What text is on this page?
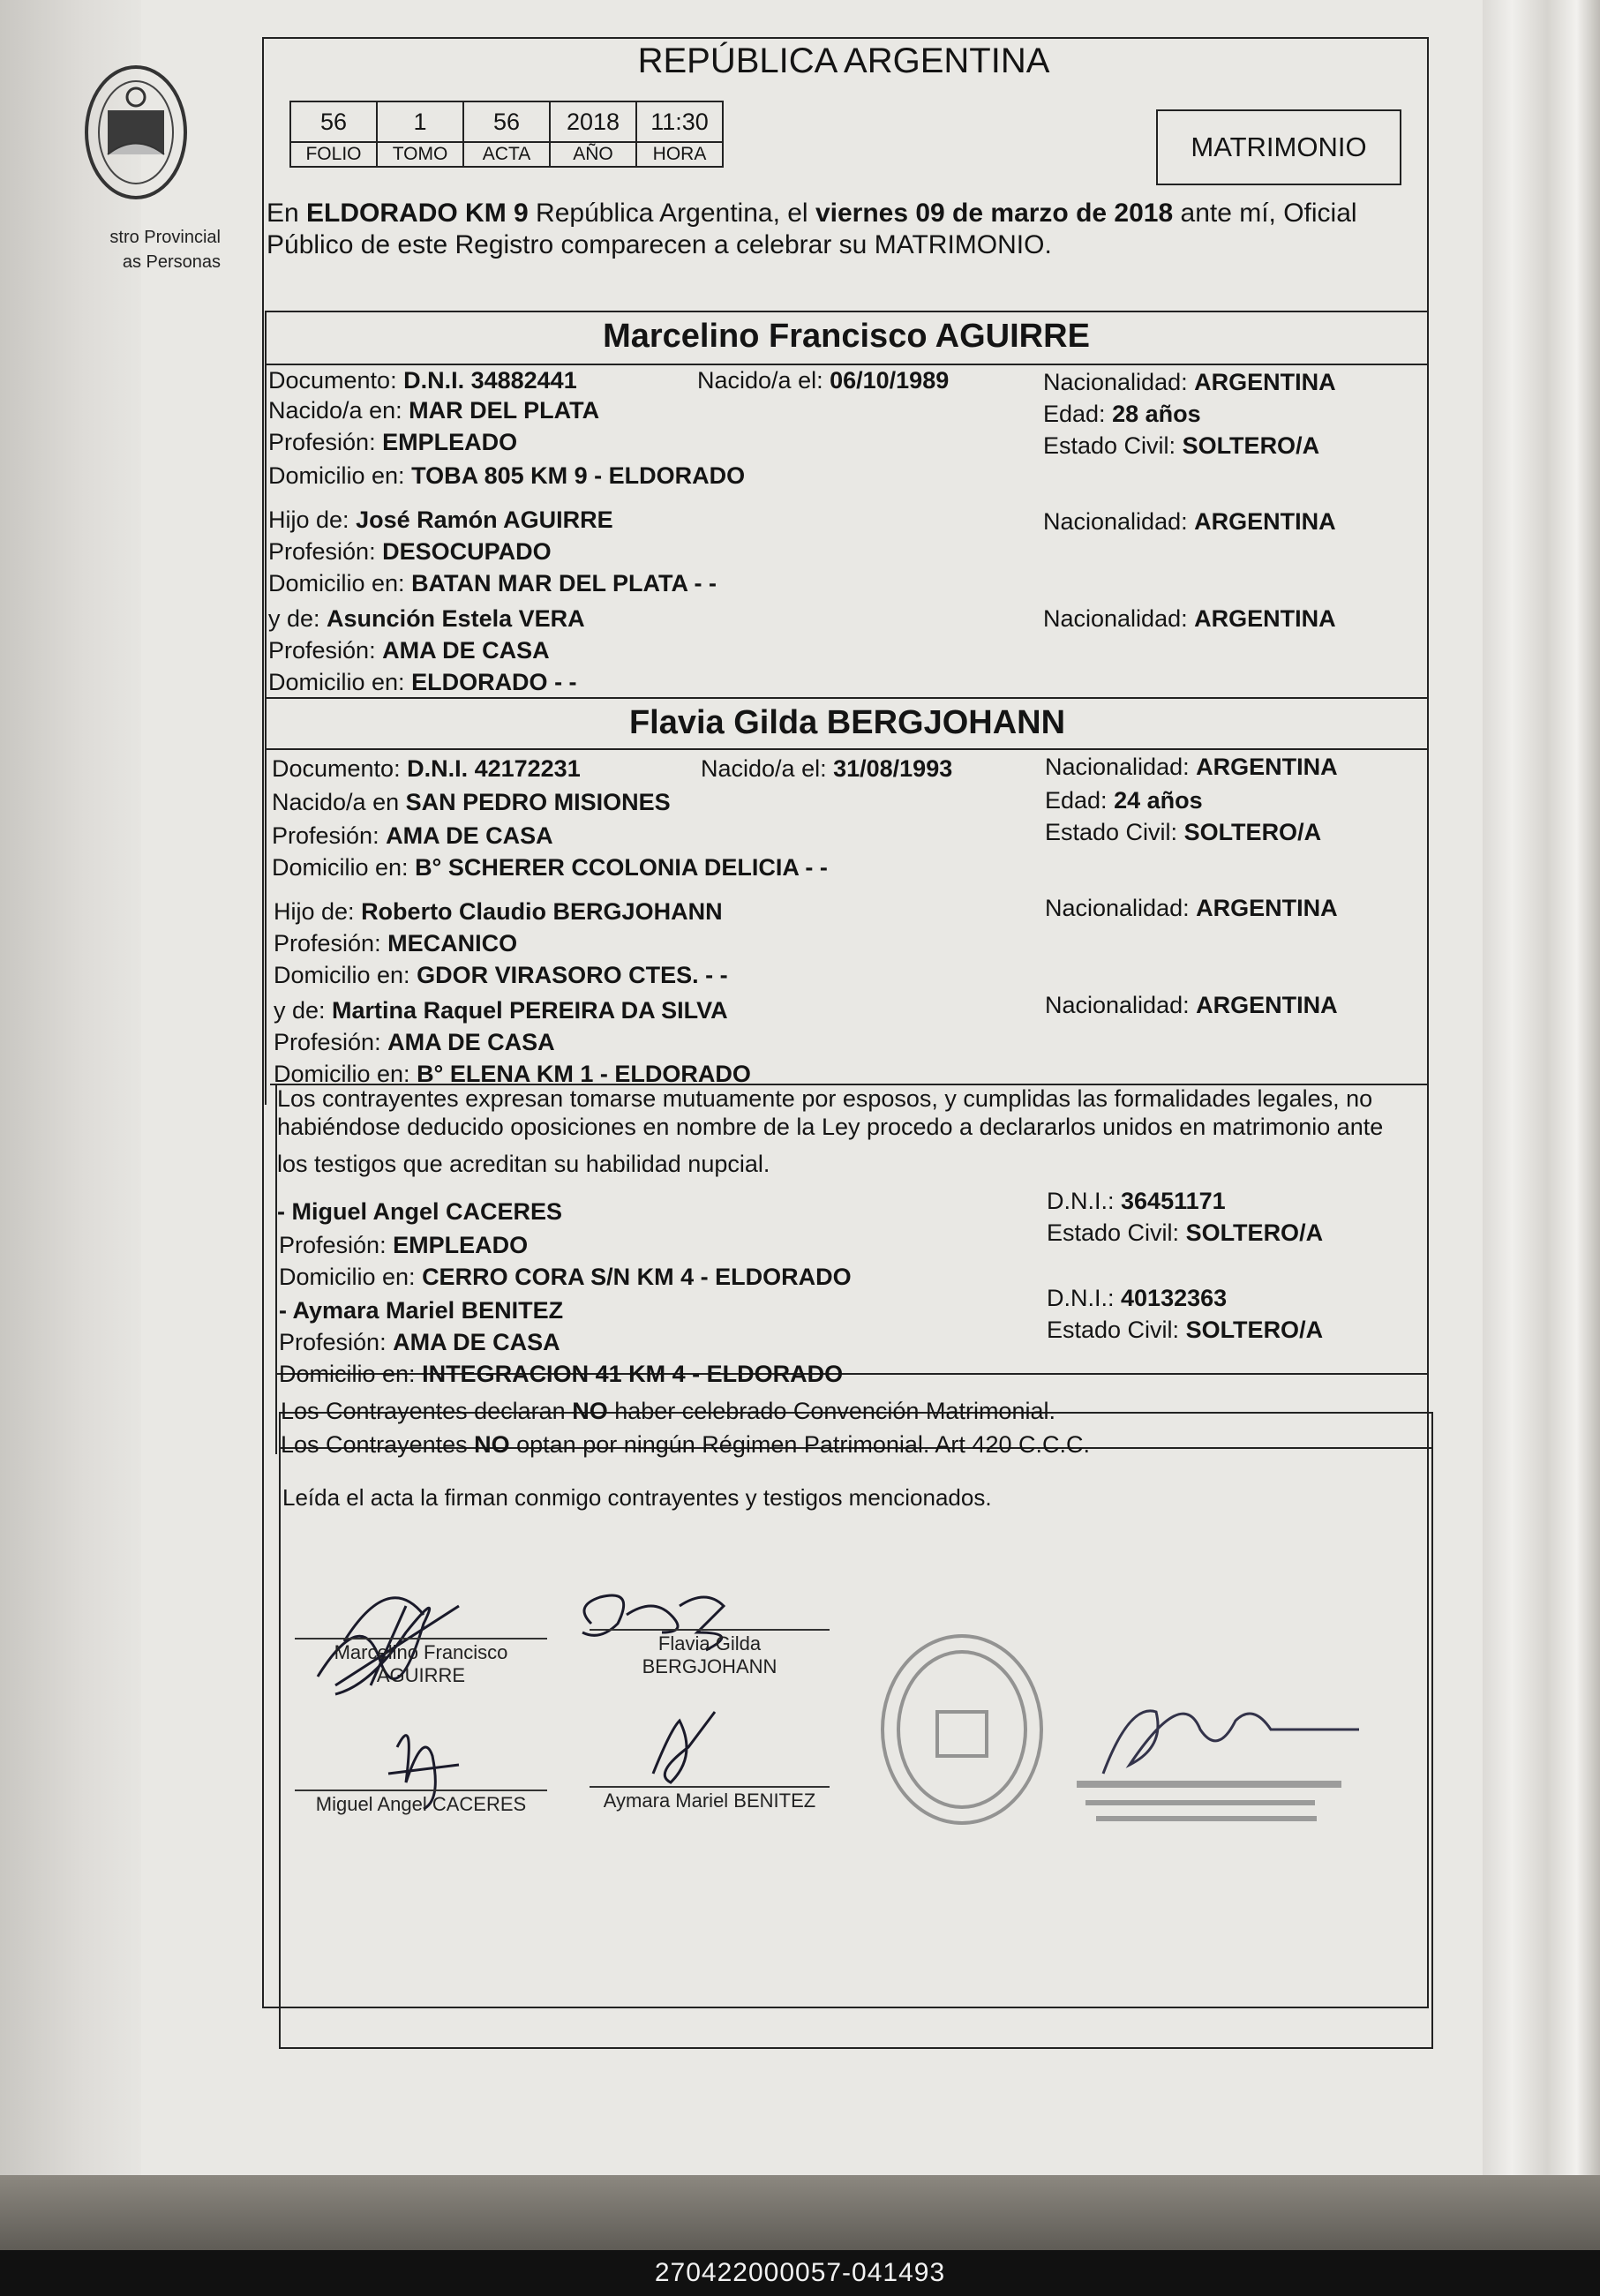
stro Provincial
as Personas
REPÚBLICA ARGENTINA
56	1	56	2018	11:30
FOLIO	TOMO	ACTA	AÑO	HORA	MATRIMONIO
En ELDORADO KM 9 República Argentina, el viernes 09 de marzo de 2018 ante mí, Oficial
Público de este Registro comparecen a celebrar su MATRIMONIO.
Marcelino Francisco AGUIRRE
Documento: D.N.I. 34882441	Nacido/a el: 06/10/1989	Nacionalidad: ARGENTINA
Nacido/a en: MAR DEL PLATA	Edad: 28 años
Profesión: EMPLEADO	Estado Civil: SOLTERO/A
Domicilio en: TOBA 805 KM 9 - ELDORADO
Hijo de: José Ramón AGUIRRE	Nacionalidad: ARGENTINA
Profesión: DESOCUPADO
Domicilio en: BATAN MAR DEL PLATA - -
y de: Asunción Estela VERA	Nacionalidad: ARGENTINA
Profesión: AMA DE CASA
Domicilio en: ELDORADO - -
Flavia Gilda BERGJOHANN
Documento: D.N.I. 42172231	Nacido/a el: 31/08/1993	Nacionalidad: ARGENTINA
Nacido/a en SAN PEDRO MISIONES	Edad: 24 años
Profesión: AMA DE CASA	Estado Civil: SOLTERO/A
Domicilio en: B° SCHERER CCOLONIA DELICIA - -
Hijo de: Roberto Claudio BERGJOHANN	Nacionalidad: ARGENTINA
Profesión: MECANICO
Domicilio en: GDOR VIRASORO CTES. - -
y de: Martina Raquel PEREIRA DA SILVA	Nacionalidad: ARGENTINA
Profesión: AMA DE CASA
Domicilio en: B° ELENA KM 1 - ELDORADO
Los contrayentes expresan tomarse mutuamente por esposos, y cumplidas las formalidades legales, no
habiéndose deducido oposiciones en nombre de la Ley procedo a declararlos unidos en matrimonio ante
los testigos que acreditan su habilidad nupcial.
- Miguel Angel CACERES	D.N.I.: 36451171
Profesión: EMPLEADO	Estado Civil: SOLTERO/A
Domicilio en: CERRO CORA S/N KM 4 - ELDORADO
- Aymara Mariel BENITEZ	D.N.I.: 40132363
Profesión: AMA DE CASA	Estado Civil: SOLTERO/A
Domicilio en: INTEGRACION 41 KM 4 - ELDORADO
Los Contrayentes declaran NO haber celebrado Convención Matrimonial.
Los Contrayentes NO optan por ningún Régimen Patrimonial. Art 420 C.C.C.
Leída el acta la firman conmigo contrayentes y testigos mencionados.
Marcelino Francisco
AGUIRRE
Flavia Gilda
BERGJOHANN
Miguel Angel CACERES	Aymara Mariel BENITEZ
270422000057-041493
